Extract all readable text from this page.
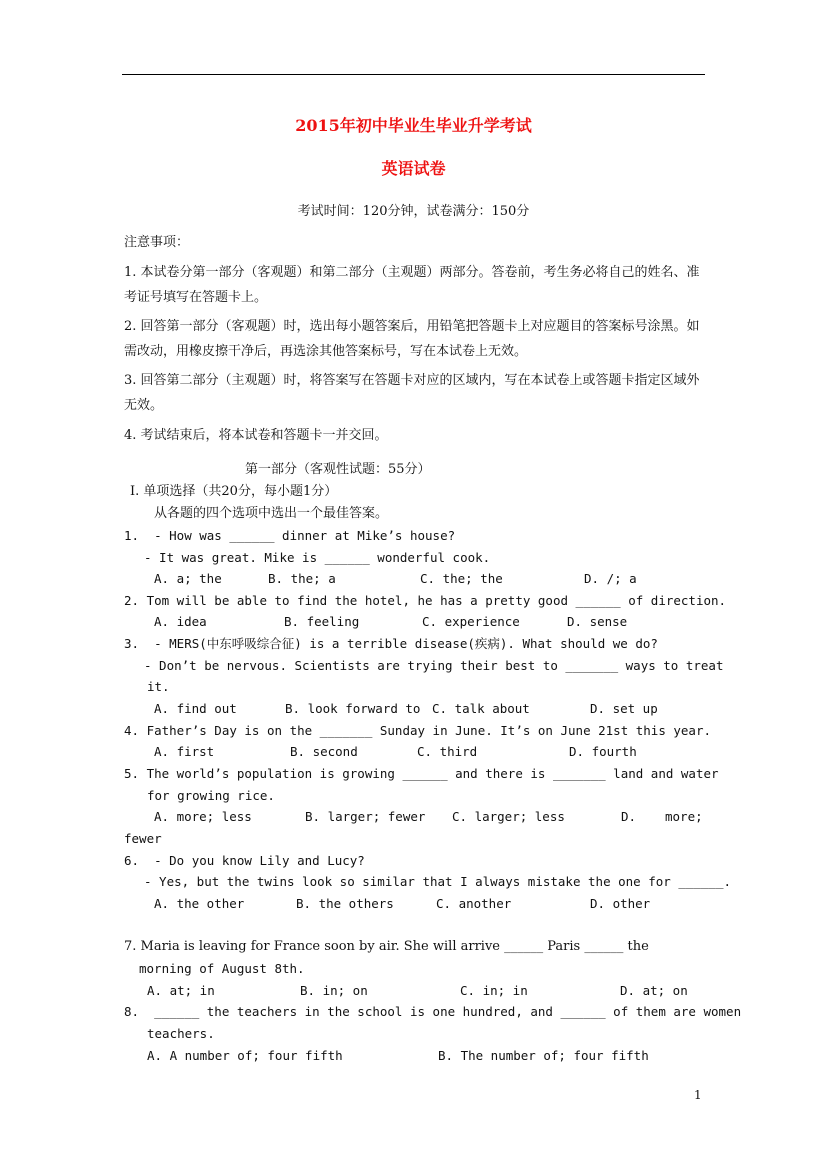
2015年初中毕业生毕业升学考试
英语试卷
考试时间：120分钟，试卷满分：150分
注意事项：
1. 本试卷分第一部分（客观题）和第二部分（主观题）两部分。答卷前，考生务必将自己的姓名、准考证号填写在答题卡上。
2. 回答第一部分（客观题）时，选出每小题答案后，用铅笔把答题卡上对应题目的答案标号涂黑。如需改动，用橡皮擦干净后，再选涂其他答案标号，写在本试卷上无效。
3. 回答第二部分（主观题）时，将答案写在答题卡对应的区域内，写在本试卷上或答题卡指定区域外无效。
4. 考试结束后，将本试卷和答题卡一并交回。
第一部分（客观性试题：55分）
Ⅰ. 单项选择（共20分，每小题1分）
从各题的四个选项中选出一个最佳答案。
1.  - How was ______ dinner at Mike’s house?
- It was great. Mike is ______ wonderful cook.
A. a; the	B. the; a	C. the; the	D. /; a
2. Tom will be able to find the hotel, he has a pretty good ______ of direction.
A. idea	B. feeling	C. experience	D. sense
3.  - MERS(中东呼吸综合征) is a terrible disease(疾病). What should we do?
- Don’t be nervous. Scientists are trying their best to _______ ways to treat
it.
A. find out	B. look forward to C. talk about	D. set up
4. Father’s Day is on the _______ Sunday in June. It’s on June 21st this year.
A. first	B. second	C. third	D. fourth
5. The world’s population is growing ______ and there is _______ land and water
for growing rice.
A. more; less	B. larger; fewer C. larger; less	D. more;
fewer
6.  - Do you know Lily and Lucy?
- Yes, but the twins look so similar that I always mistake the one for ______.
A. the other	B. the others	C. another	D. other
7. Maria is leaving for France soon by air. She will arrive ______ Paris ______ the
morning of August 8th.
A. at; in	B. in; on	C. in; in	D. at; on
8.  ______ the teachers in the school is one hundred, and ______ of them are women
teachers.
A. A number of; four fifth	B. The number of; four fifth
1
